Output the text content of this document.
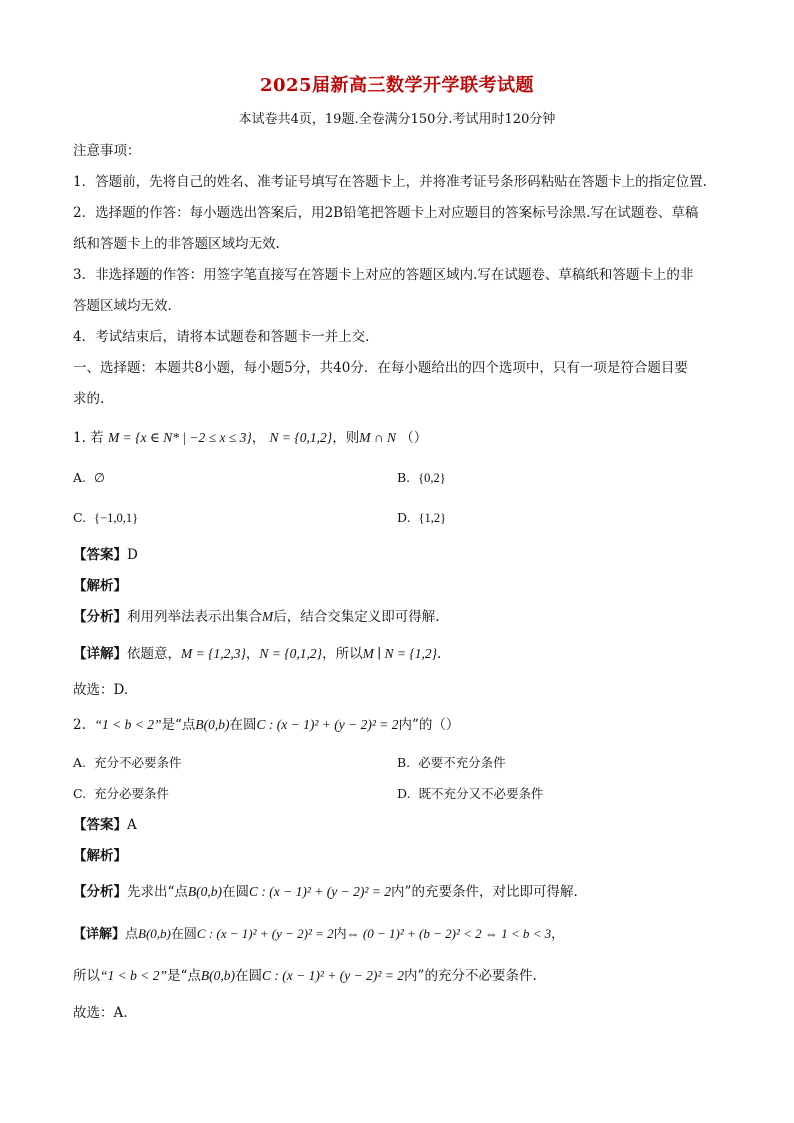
2025届新高三数学开学联考试题
本试卷共4页，19题.全卷满分150分.考试用时120分钟
注意事项：
1．答题前，先将自己的姓名、准考证号填写在答题卡上，并将准考证号条形码粘贴在答题卡上的指定位置.
2．选择题的作答：每小题选出答案后，用2B铅笔把答题卡上对应题目的答案标号涂黑.写在试题卷、草稿
纸和答题卡上的非答题区域均无效.
3．非选择题的作答：用签字笔直接写在答题卡上对应的答题区域内.写在试题卷、草稿纸和答题卡上的非
答题区域均无效.
4．考试结束后，请将本试题卷和答题卡一并上交.
一、选择题：本题共8小题，每小题5分，共40分．在每小题给出的四个选项中，只有一项是符合题目要
求的.
1. 若 M = {x ∈ N* | −2 ≤ x ≤ 3}， N = {0,1,2}，则M ∩ N （）
A. ∅	B. {0,2}
C. {−1,0,1}	D. {1,2}
【答案】D
【解析】
【分析】利用列举法表示出集合M后，结合交集定义即可得解.
【详解】依题意，M = {1,2,3}，N = {0,1,2}，所以M ∣ N = {1,2}.
故选：D.
2. “1 < b < 2”是“点B(0,b)在圆C : (x − 1)² + (y − 2)² = 2内”的（）
A. 充分不必要条件	B. 必要不充分条件
C. 充分必要条件	D. 既不充分又不必要条件
【答案】A
【解析】
【分析】先求出“点B(0,b)在圆C : (x − 1)² + (y − 2)² = 2内”的充要条件，对比即可得解.
【详解】点B(0,b)在圆C : (x − 1)² + (y − 2)² = 2内⇔ (0 − 1)² + (b − 2)² < 2 ⇔ 1 < b < 3，
所以“1 < b < 2”是“点B(0,b)在圆C : (x − 1)² + (y − 2)² = 2内”的充分不必要条件.
故选：A.
